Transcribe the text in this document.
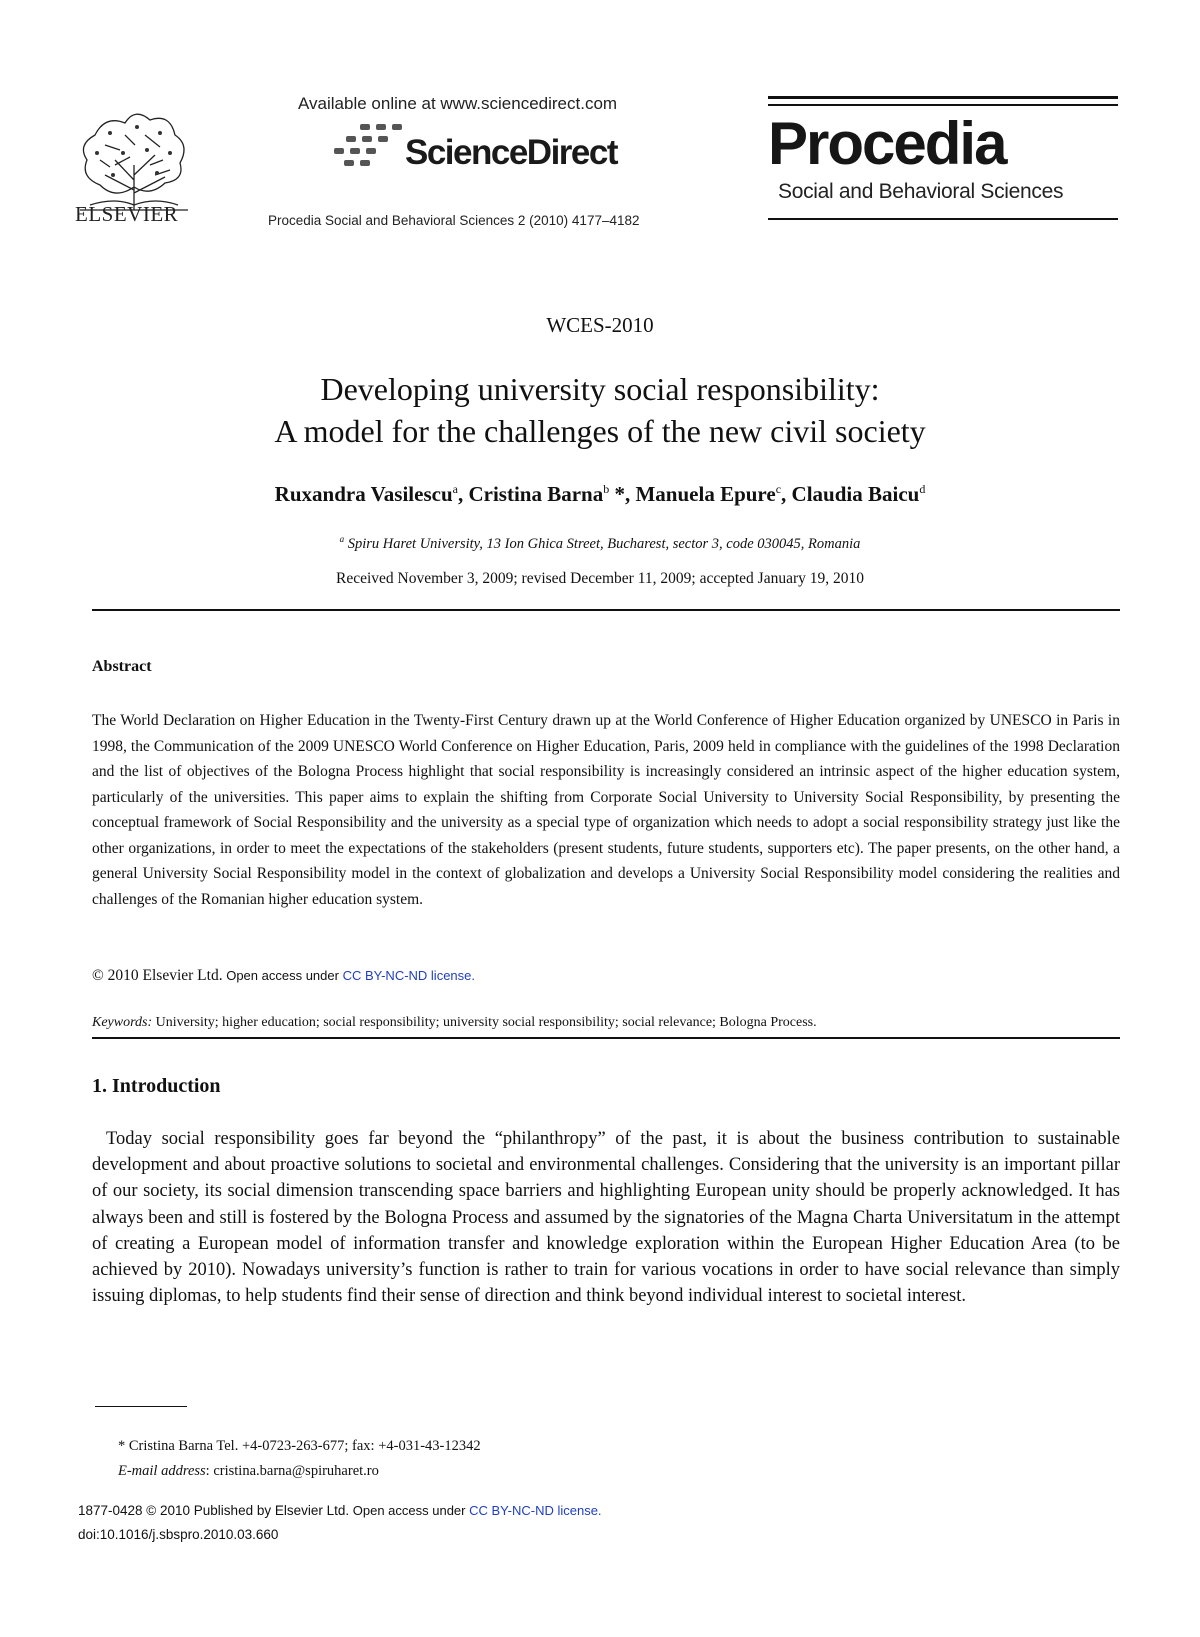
ELSEVIER
Available online at www.sciencedirect.com
ScienceDirect
Procedia Social and Behavioral Sciences 2 (2010) 4177–4182
Procedia
Social and Behavioral Sciences
WCES-2010
Developing university social responsibility:
A model for the challenges of the new civil society
Ruxandra Vasilescu$^a$, Cristina Barna$^b$ *, Manuela Epure$^c$, Claudia Baicu$^d$
$^a$ Spiru Haret University, 13 Ion Ghica Street, Bucharest, sector 3, code 030045, Romania
Received November 3, 2009; revised December 11, 2009; accepted January 19, 2010
Abstract
The World Declaration on Higher Education in the Twenty-First Century drawn up at the World Conference of Higher Education organized by UNESCO in Paris in 1998, the Communication of the 2009 UNESCO World Conference on Higher Education, Paris, 2009 held in compliance with the guidelines of the 1998 Declaration and the list of objectives of the Bologna Process highlight that social responsibility is increasingly considered an intrinsic aspect of the higher education system, particularly of the universities. This paper aims to explain the shifting from Corporate Social University to University Social Responsibility, by presenting the conceptual framework of Social Responsibility and the university as a special type of organization which needs to adopt a social responsibility strategy just like the other organizations, in order to meet the expectations of the stakeholders (present students, future students, supporters etc). The paper presents, on the other hand, a general University Social Responsibility model in the context of globalization and develops a University Social Responsibility model considering the realities and challenges of the Romanian higher education system.
© 2010 Elsevier Ltd. Open access under CC BY-NC-ND license.
Keywords: University; higher education; social responsibility; university social responsibility; social relevance; Bologna Process.
1. Introduction
Today social responsibility goes far beyond the “philanthropy” of the past, it is about the business contribution to sustainable development and about proactive solutions to societal and environmental challenges. Considering that the university is an important pillar of our society, its social dimension transcending space barriers and highlighting European unity should be properly acknowledged. It has always been and still is fostered by the Bologna Process and assumed by the signatories of the Magna Charta Universitatum in the attempt of creating a European model of information transfer and knowledge exploration within the European Higher Education Area (to be achieved by 2010). Nowadays university’s function is rather to train for various vocations in order to have social relevance than simply issuing diplomas, to help students find their sense of direction and think beyond individual interest to societal interest.
* Cristina Barna Tel. +4-0723-263-677; fax: +4-031-43-12342
E-mail address: cristina.barna@spiruharet.ro
1877-0428 © 2010 Published by Elsevier Ltd. Open access under CC BY-NC-ND license.
doi:10.1016/j.sbspro.2010.03.660
